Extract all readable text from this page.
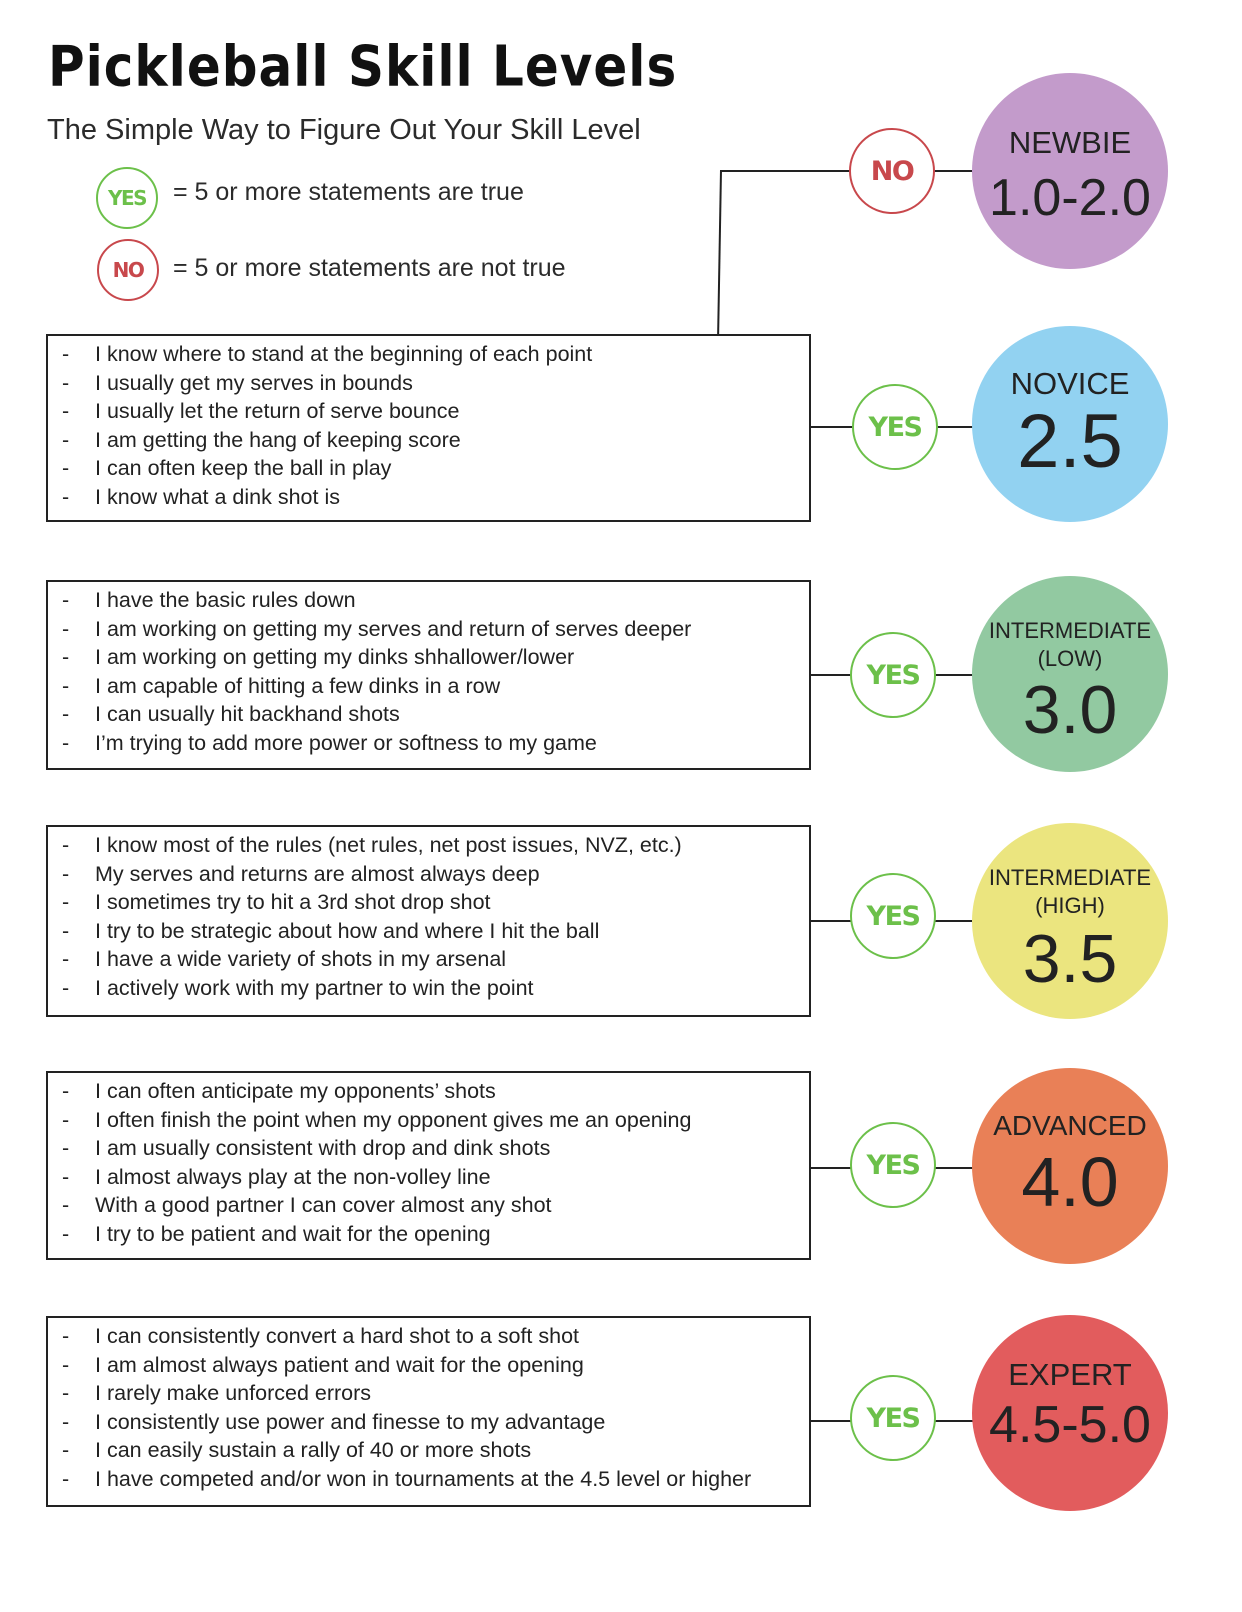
Pickleball Skill Levels
The Simple Way to Figure Out Your Skill Level
YES	= 5 or more statements are true
NO	= 5 or more statements are not true
NO
NEWBIE
1.0-2.0
- I know where to stand at the beginning of each point
- I usually get my serves in bounds
- I usually let the return of serve bounce
- I am getting the hang of keeping score
- I can often keep the ball in play
- I know what a dink shot is
YES
NOVICE
2.5
- I have the basic rules down
- I am working on getting my serves and return of serves deeper
- I am working on getting my dinks shhallower/lower
- I am capable of hitting a few dinks in a row
- I can usually hit backhand shots
- I’m trying to add more power or softness to my game
YES
INTERMEDIATE
(LOW)
3.0
- I know most of the rules (net rules, net post issues, NVZ, etc.)
- My serves and returns are almost always deep
- I sometimes try to hit a 3rd shot drop shot
- I try to be strategic about how and where I hit the ball
- I have a wide variety of shots in my arsenal
- I actively work with my partner to win the point
YES
INTERMEDIATE
(HIGH)
3.5
- I can often anticipate my opponents’ shots
- I often finish the point when my opponent gives me an opening
- I am usually consistent with drop and dink shots
- I almost always play at the non-volley line
- With a good partner I can cover almost any shot
- I try to be patient and wait for the opening
YES
ADVANCED
4.0
- I can consistently convert a hard shot to a soft shot
- I am almost always patient and wait for the opening
- I rarely make unforced errors
- I consistently use power and finesse to my advantage
- I can easily sustain a rally of 40 or more shots
- I have competed and/or won in tournaments at the 4.5 level or higher
YES
EXPERT
4.5-5.0
